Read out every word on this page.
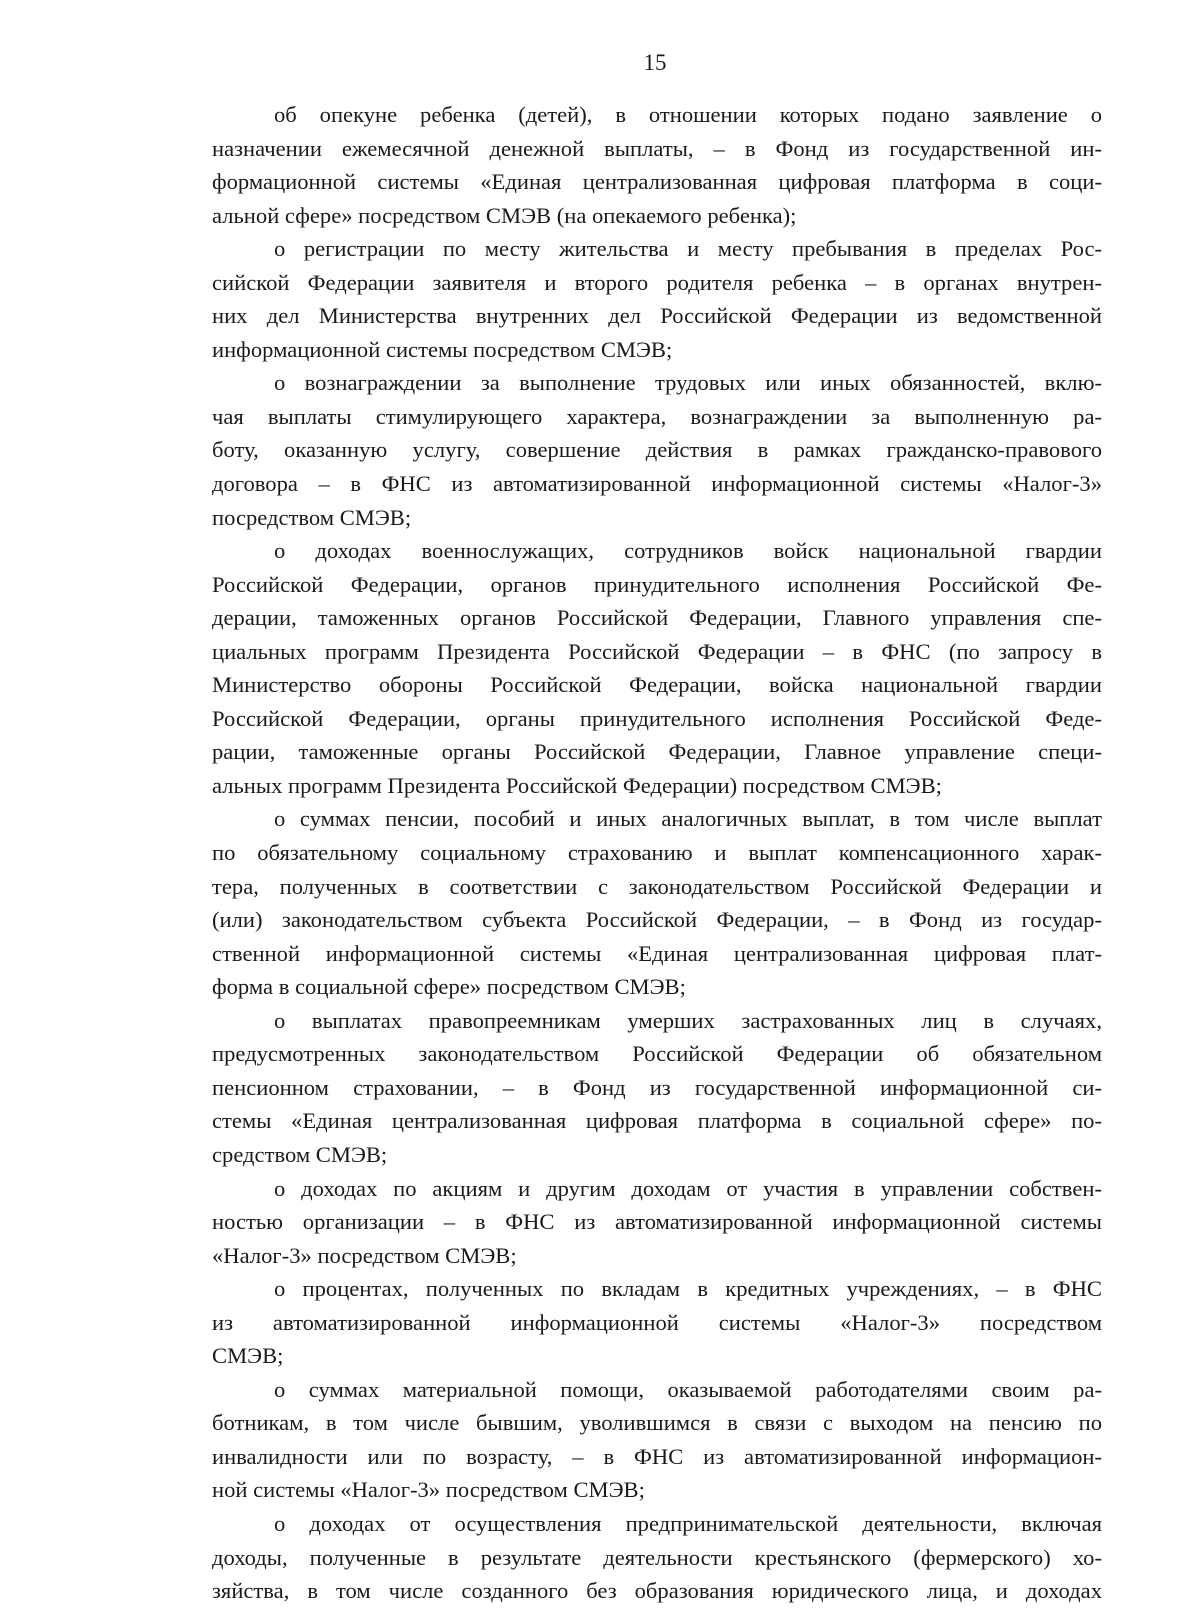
15
об опекуне ребенка (детей), в отношении которых подано заявление о
назначении ежемесячной денежной выплаты, – в Фонд из государственной ин-
формационной системы «Единая централизованная цифровая платформа в соци-
альной сфере» посредством СМЭВ (на опекаемого ребенка);
о регистрации по месту жительства и месту пребывания в пределах Рос-
сийской Федерации заявителя и второго родителя ребенка – в органах внутрен-
них дел Министерства внутренних дел Российской Федерации из ведомственной
информационной системы посредством СМЭВ;
о вознаграждении за выполнение трудовых или иных обязанностей, вклю-
чая выплаты стимулирующего характера, вознаграждении за выполненную ра-
боту, оказанную услугу, совершение действия в рамках гражданско-правового
договора – в ФНС из автоматизированной информационной системы «Налог-3»
посредством СМЭВ;
о доходах военнослужащих, сотрудников войск национальной гвардии
Российской Федерации, органов принудительного исполнения Российской Фе-
дерации, таможенных органов Российской Федерации, Главного управления спе-
циальных программ Президента Российской Федерации – в ФНС (по запросу в
Министерство обороны Российской Федерации, войска национальной гвардии
Российской Федерации, органы принудительного исполнения Российской Феде-
рации, таможенные органы Российской Федерации, Главное управление специ-
альных программ Президента Российской Федерации) посредством СМЭВ;
о суммах пенсии, пособий и иных аналогичных выплат, в том числе выплат
по обязательному социальному страхованию и выплат компенсационного харак-
тера, полученных в соответствии с законодательством Российской Федерации и
(или) законодательством субъекта Российской Федерации, – в Фонд из государ-
ственной информационной системы «Единая централизованная цифровая плат-
форма в социальной сфере» посредством СМЭВ;
о выплатах правопреемникам умерших застрахованных лиц в случаях,
предусмотренных законодательством Российской Федерации об обязательном
пенсионном страховании, – в Фонд из государственной информационной си-
стемы «Единая централизованная цифровая платформа в социальной сфере» по-
средством СМЭВ;
о доходах по акциям и другим доходам от участия в управлении собствен-
ностью организации – в ФНС из автоматизированной информационной системы
«Налог-3» посредством СМЭВ;
о процентах, полученных по вкладам в кредитных учреждениях, – в ФНС
из автоматизированной информационной системы «Налог-3» посредством
СМЭВ;
о суммах материальной помощи, оказываемой работодателями своим ра-
ботникам, в том числе бывшим, уволившимся в связи с выходом на пенсию по
инвалидности или по возрасту, – в ФНС из автоматизированной информацион-
ной системы «Налог-3» посредством СМЭВ;
о доходах от осуществления предпринимательской деятельности, включая
доходы, полученные в результате деятельности крестьянского (фермерского) хо-
зяйства, в том числе созданного без образования юридического лица, и доходах
